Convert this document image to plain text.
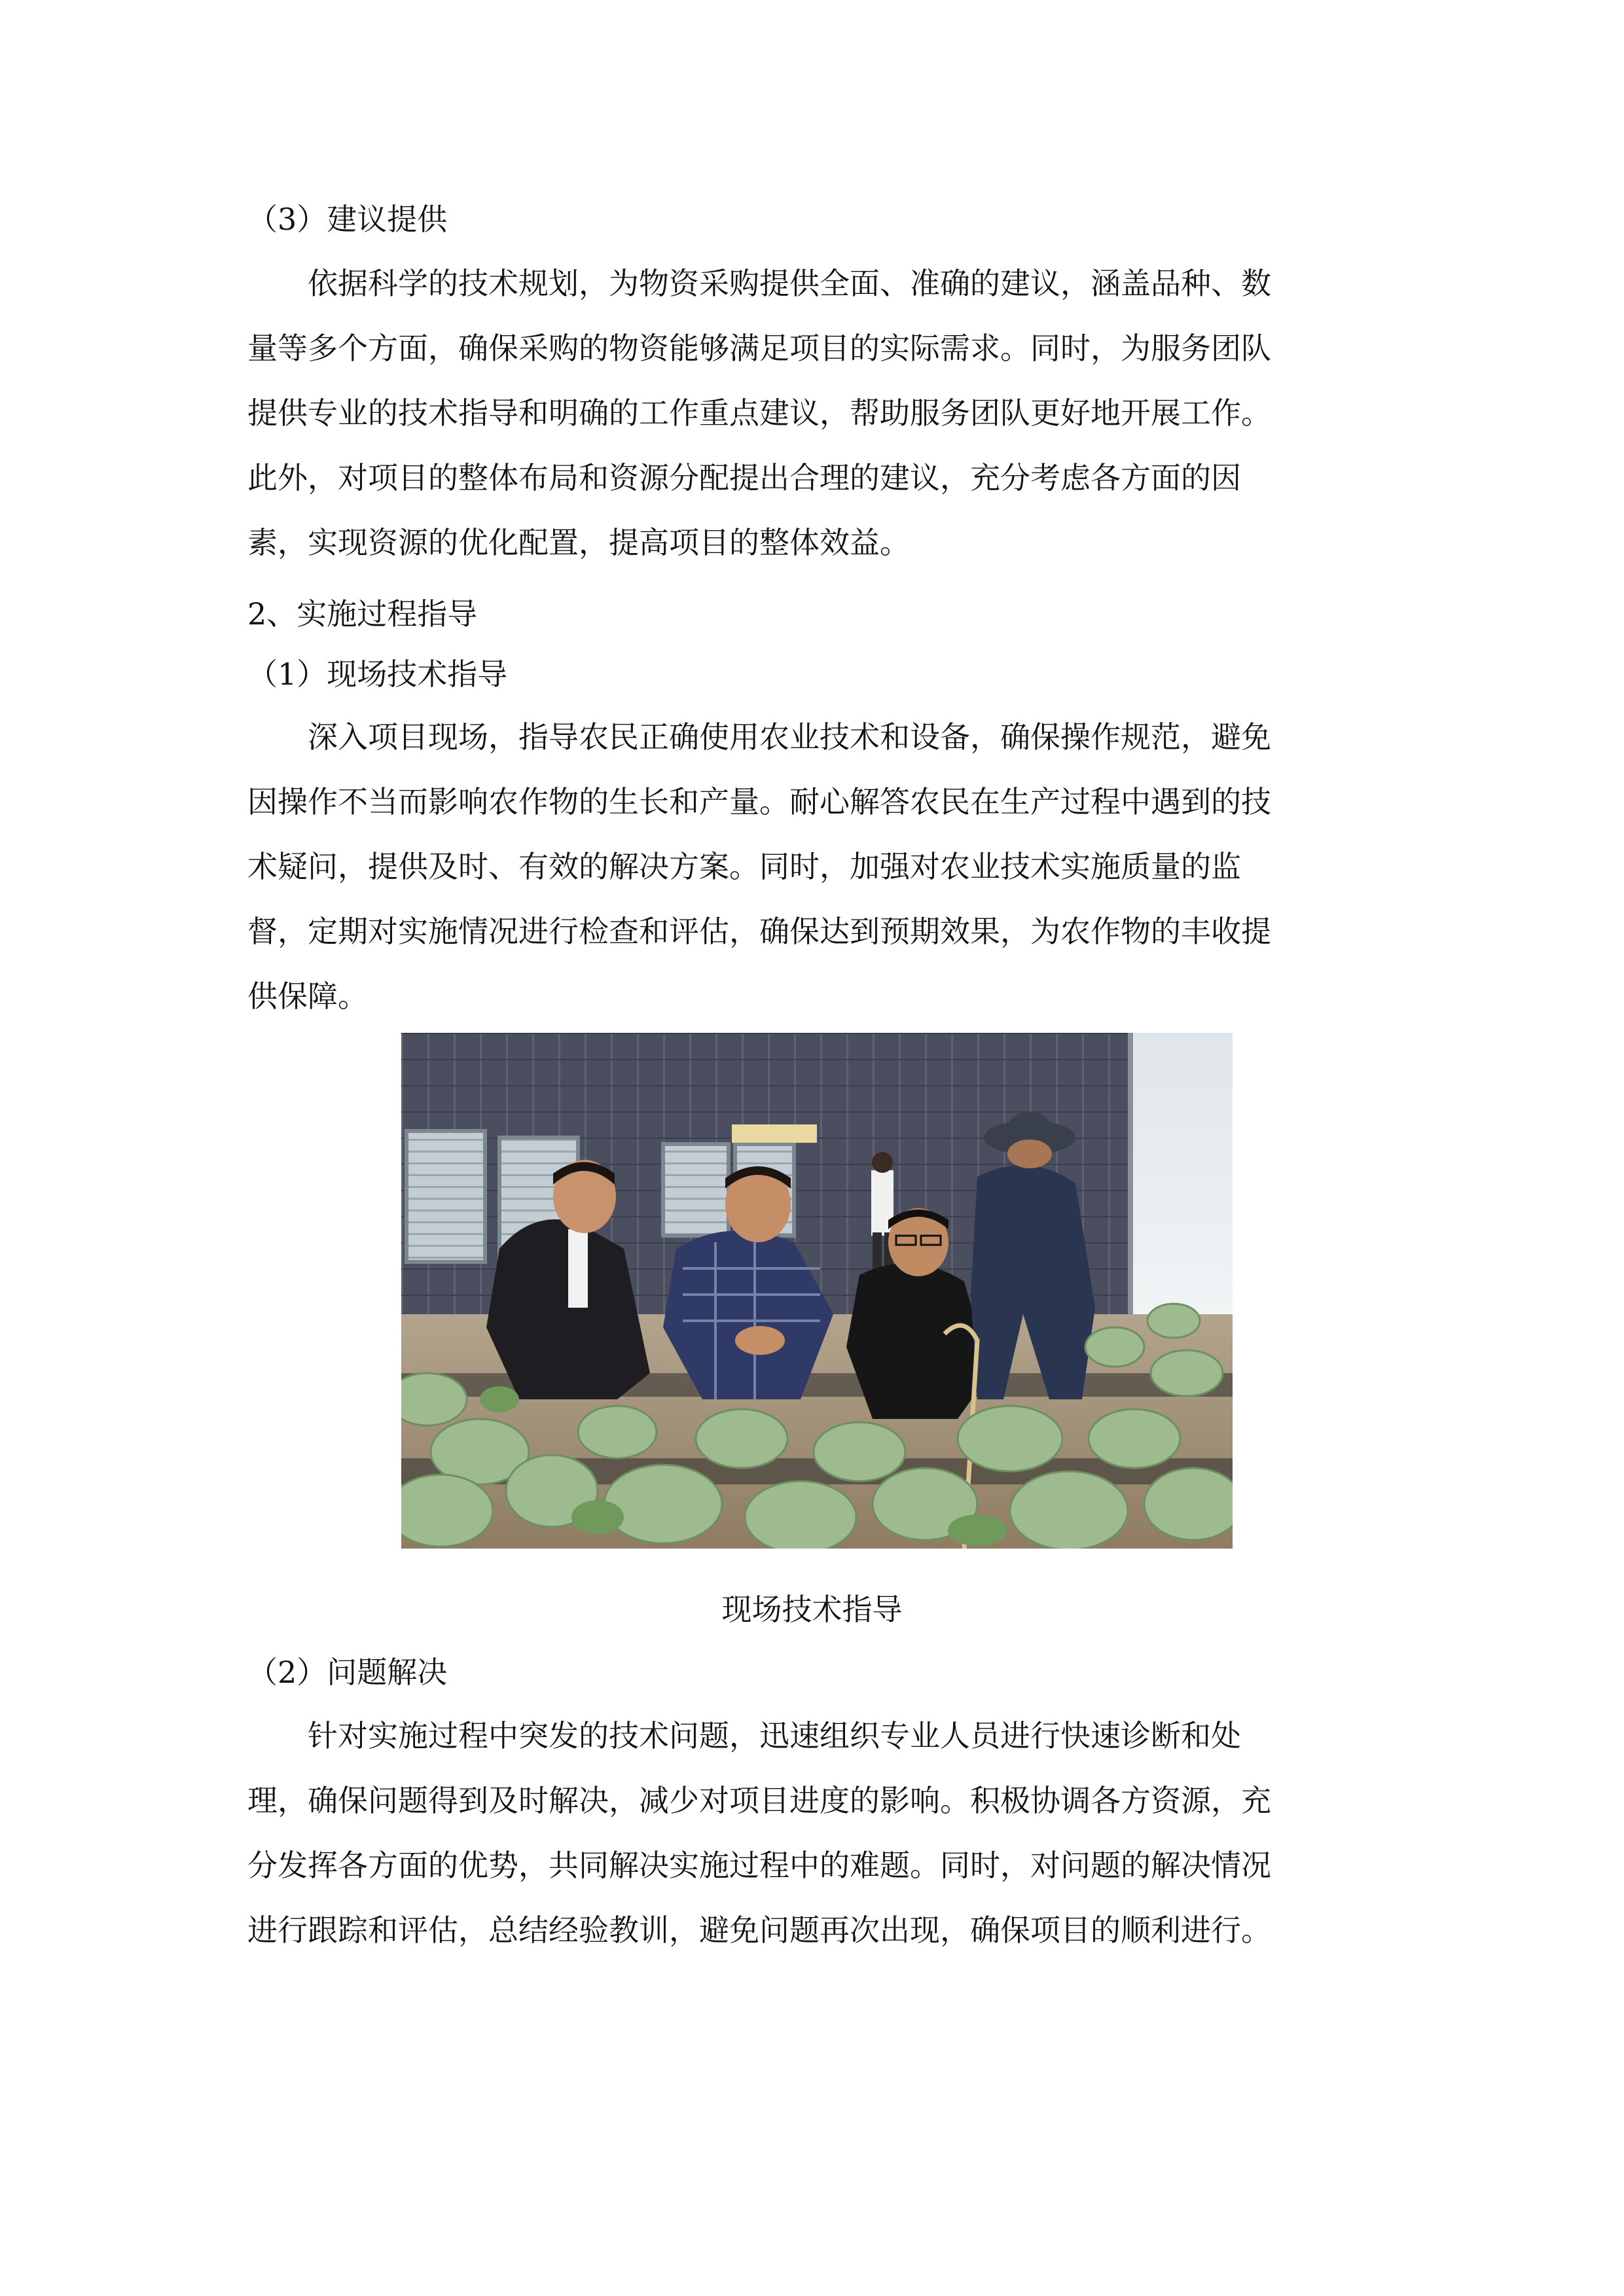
（3）建议提供

依据科学的技术规划，为物资采购提供全面、准确的建议，涵盖品种、数
量等多个方面，确保采购的物资能够满足项目的实际需求。同时，为服务团队
提供专业的技术指导和明确的工作重点建议，帮助服务团队更好地开展工作。
此外，对项目的整体布局和资源分配提出合理的建议，充分考虑各方面的因
素，实现资源的优化配置，提高项目的整体效益。

2、实施过程指导

（1）现场技术指导

深入项目现场，指导农民正确使用农业技术和设备，确保操作规范，避免
因操作不当而影响农作物的生长和产量。耐心解答农民在生产过程中遇到的技
术疑问，提供及时、有效的解决方案。同时，加强对农业技术实施质量的监
督，定期对实施情况进行检查和评估，确保达到预期效果，为农作物的丰收提
供保障。

现场技术指导

（2）问题解决

针对实施过程中突发的技术问题，迅速组织专业人员进行快速诊断和处
理，确保问题得到及时解决，减少对项目进度的影响。积极协调各方资源，充
分发挥各方面的优势，共同解决实施过程中的难题。同时，对问题的解决情况
进行跟踪和评估，总结经验教训，避免问题再次出现，确保项目的顺利进行。
